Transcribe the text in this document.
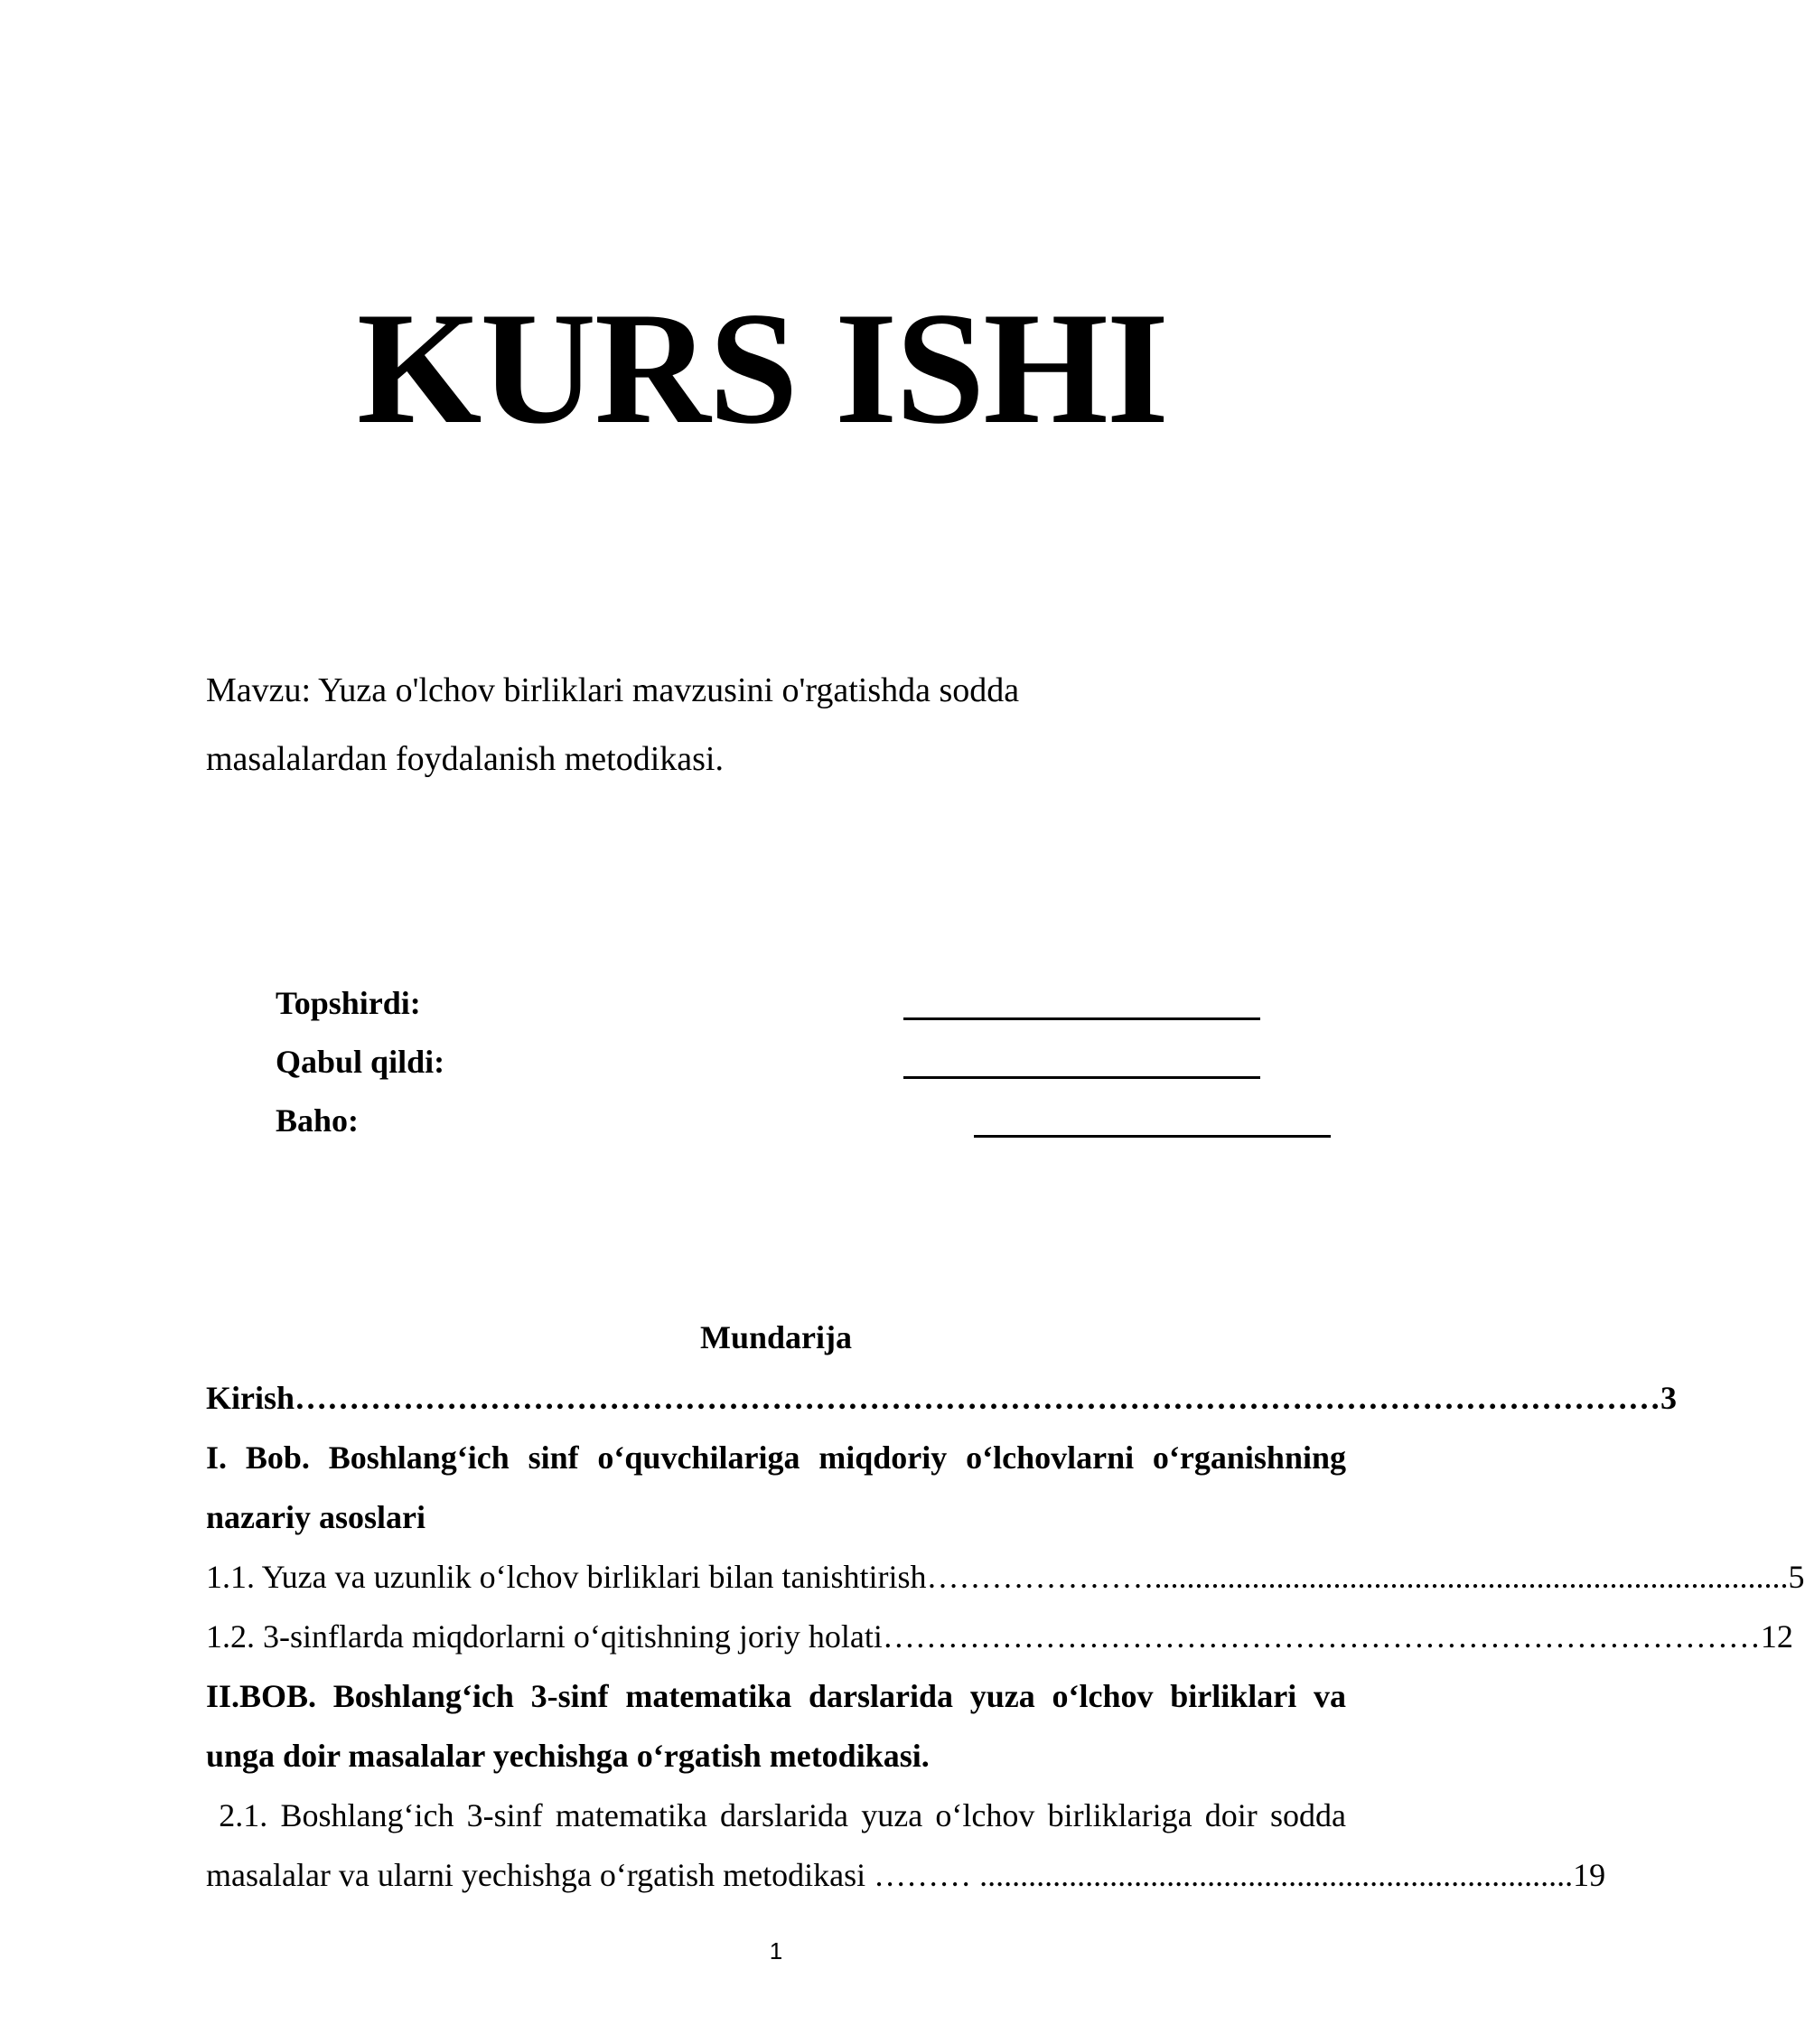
KURS ISHI
Mavzu: Yuza o'lchov birliklari mavzusini o'rgatishda sodda
masalalardan foydalanish metodikasi.
Topshirdi:
Qabul qildi:
Baho:
Mundarija
Kirish ……………………………………………………………………………………………………………… 3
I. Bob. Boshlang‘ich sinf o‘quvchilariga miqdoriy o‘lchovlarni o‘rganishning
nazariy asoslari
1.1. Yuza va uzunlik o‘lchov birliklari bilan tanishtirish ………………….............................................................................. 5
1.2. 3-sinflarda miqdorlarni o‘qitishning joriy holati ……………………………………………………………………… 12
II.BOB. Boshlang‘ich 3-sinf matematika darslarida yuza o‘lchov birliklari va
unga doir masalalar yechishga o‘rgatish metodikasi.
2.1. Boshlang‘ich 3-sinf matematika darslarida yuza o‘lchov birliklariga doir sodda
masalalar va ularni yechishga o‘rgatish metodikasi ……… ......................................................................... 19
1
